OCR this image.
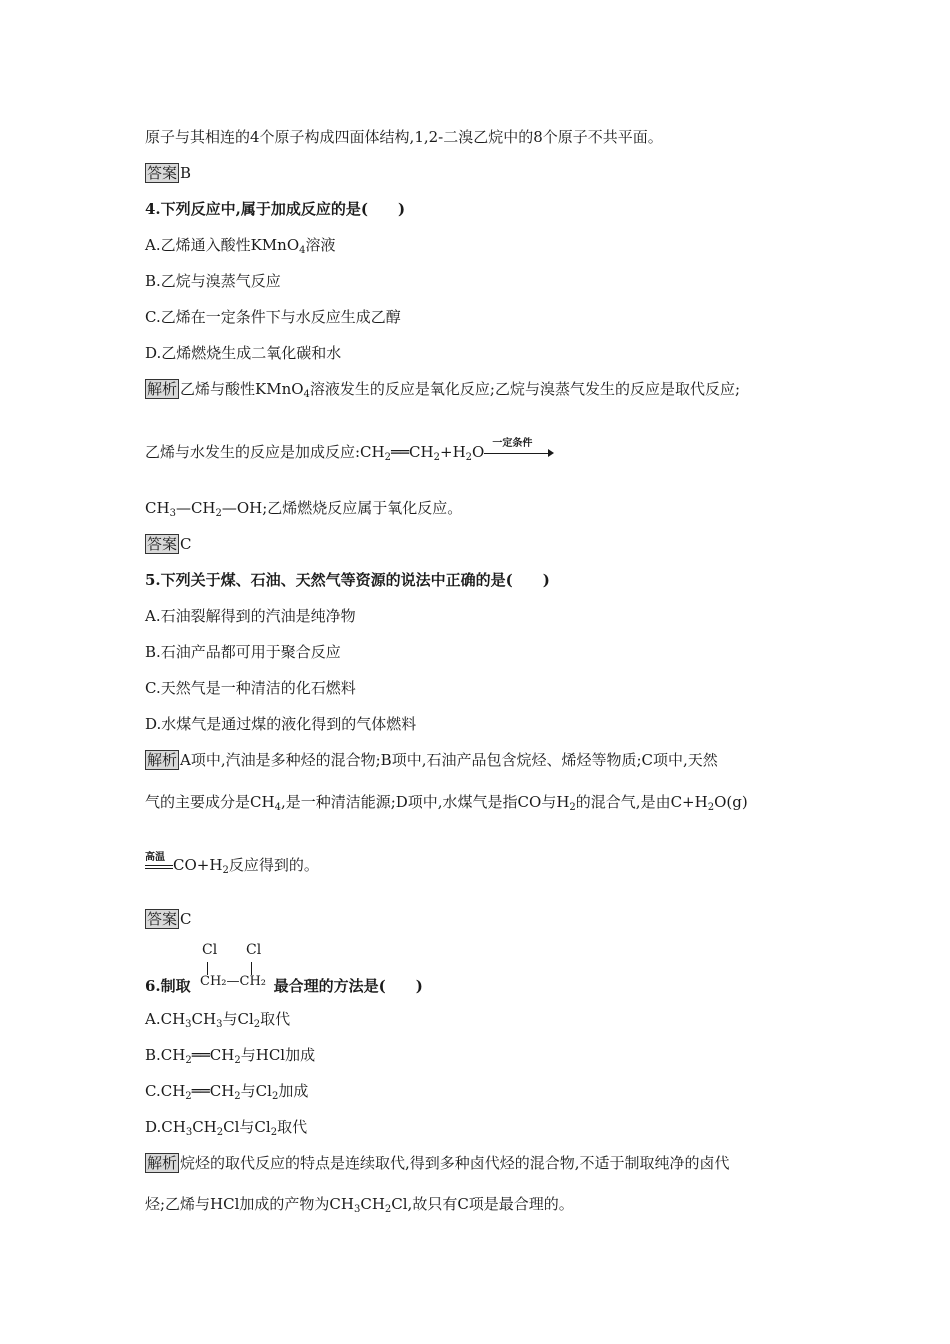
原子与其相连的4个原子构成四面体结构,1,2-二溴乙烷中的8个原子不共平面。
答案 B
4.下列反应中,属于加成反应的是(　　)
A.乙烯通入酸性KMnO$_4$溶液
B.乙烷与溴蒸气反应
C.乙烯在一定条件下与水反应生成乙醇
D.乙烯燃烧生成二氧化碳和水
解析 乙烯与酸性KMnO$_4$溶液发生的反应是氧化反应;乙烷与溴蒸气发生的反应是取代反应;
乙烯与水发生的反应是加成反应$:CH_2══CH_2+H_2O$ 一定条件
$CH_3—CH_2—OH$;乙烯燃烧反应属于氧化反应。
答案 C
5.下列关于煤、石油、天然气等资源的说法中正确的是(　　)
A.石油裂解得到的汽油是纯净物
B.石油产品都可用于聚合反应
C.天然气是一种清洁的化石燃料
D.水煤气是通过煤的液化得到的气体燃料
解析 A项中,汽油是多种烃的混合物;B项中,石油产品包含烷烃、烯烃等物质;C项中,天然
气的主要成分是$CH_4$,是一种清洁能源;D项中,水煤气是指CO与$H_2$的混合气,是由$C+H_2O(g)$
高温 $CO+H_2$反应得到的。
答案 C
Cl Cl
CH₂—CH₂
6.制取	最合理的方法是(　　)
$A.CH_3CH_3$与$Cl_2$取代
$B.CH_2══CH_2$与HCl加成
$C.CH_2══CH_2$与$Cl_2$加成
$D.CH_3CH_2Cl$与$Cl_2$取代
解析 烷烃的取代反应的特点是连续取代,得到多种卤代烃的混合物,不适于制取纯净的卤代
烃;乙烯与HCl加成的产物为$CH_3CH_2Cl$,故只有C项是最合理的。
